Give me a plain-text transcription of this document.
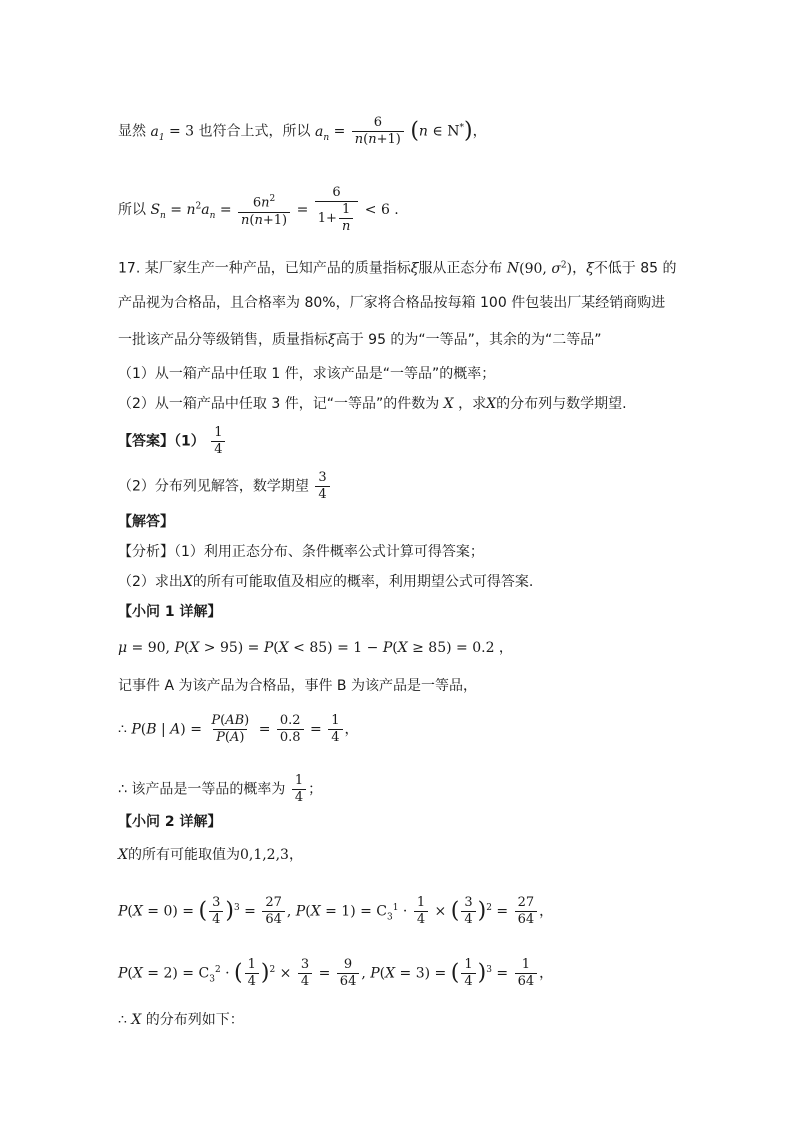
显然 $a_1 = 3$ 也符合上式，所以 $a_n = \frac{6}{n(n+1)} (n$ ∈ N*)，
所以 $S_n = n^2a_n = \frac{6n^2}{n(n+1)} = \frac{6}{1+ \frac{1}{n}} < 6$ .
17. 某厂家生产一种产品，已知产品的质量指标ξ服从正态分布 N(90, $\sigma^2$)，ξ不低于 85 的
产品视为合格品，且合格率为 80%，厂家将合格品按每箱 100 件包装出厂某经销商购进
一批该产品分等级销售，质量指标ξ高于 95 的为“一等品”，其余的为“二等品”
（1）从一箱产品中任取 1 件，求该产品是“一等品”的概率；
（2）从一箱产品中任取 3 件，记“一等品”的件数为 X ，求X的分布列与数学期望.
【答案】$(1) \frac{1}{4}$
（2）分布列见解答，数学期望 $\frac{3}{4}$
【解答】
【分析】（1）利用正态分布、条件概率公式计算可得答案；
（2）求出X的所有可能取值及相应的概率，利用期望公式可得答案.
【小问 1 详解】
μ = 90, P(X > 95) = P(X < 85) = 1 − P(X ≥ 85) = 0.2 ，
记事件 A 为该产品为合格品，事件 B 为该产品是一等品，
∴ P(B | $A) = \frac{P(AB)}{P(A)} = \frac{0.2}{0.8} = \frac{1}{4}$ ，
∴ 该产品是一等品的概率为 $\frac{1}{4}$ ；
【小问 2 详解】
X的所有可能取值为0,1,2,3，
P(X = 0) = ( $\frac{3}{4} )^3 = \frac{27}{64}$ , $P(X = 1) = C_3^1 \cdot \frac{1}{4}$ × ( $\frac{3}{4} )^2 = \frac{27}{64}$ ，
$P(X = 2) = C_3^2$ · ( $\frac{1}{4} )^2 \times \frac{3}{4} = \frac{9}{64}$ , P(X = 3) = ( $\frac{1}{4} )^3 = \frac{1}{64}$ ，
∴ X 的分布列如下：
